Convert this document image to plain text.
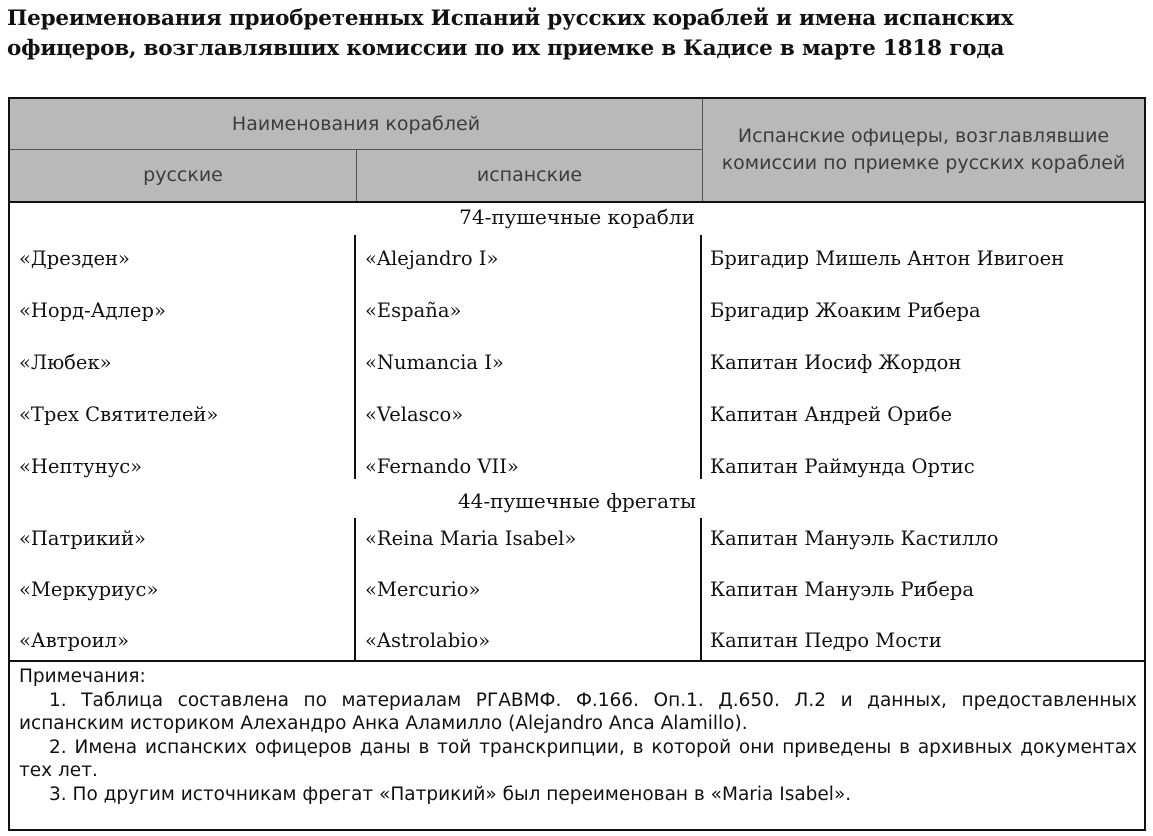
Переименования приобретенных Испаний русских кораблей и имена испанских офицеров, возглавлявших комиссии по их приемке в Кадисе в марте 1818 года
Наименования кораблей
русские	испанские
Испанские офицеры, возглавлявшие комиссии по приемке русских кораблей
74-пушечные корабли
«Дрезден»	«Alejandro I»	Бригадир Мишель Антон Ивигоен
«Норд-Адлер»	«España»	Бригадир Жоаким Рибера
«Любек»	«Numancia I»	Капитан Иосиф Жордон
«Трех Святителей»	«Velasco»	Капитан Андрей Орибе
«Нептунус»	«Fernando VII»	Капитан Раймунда Ортис
44-пушечные фрегаты
«Патрикий»	«Reina Maria Isabel»	Капитан Мануэль Кастилло
«Меркуриус»	«Mercurio»	Капитан Мануэль Рибера
«Автроил»	«Astrolabio»	Капитан Педро Мости
Примечания:
1. Таблица составлена по материалам РГАВМФ. Ф.166. Оп.1. Д.650. Л.2 и данных, предоставленных испанским историком Алехандро Анка Аламилло (Alejandro Anca Alamillo).
2. Имена испанских офицеров даны в той транскрипции, в которой они приведены в архивных документах тех лет.
3. По другим источникам фрегат «Патрикий» был переименован в «Maria Isabel».
